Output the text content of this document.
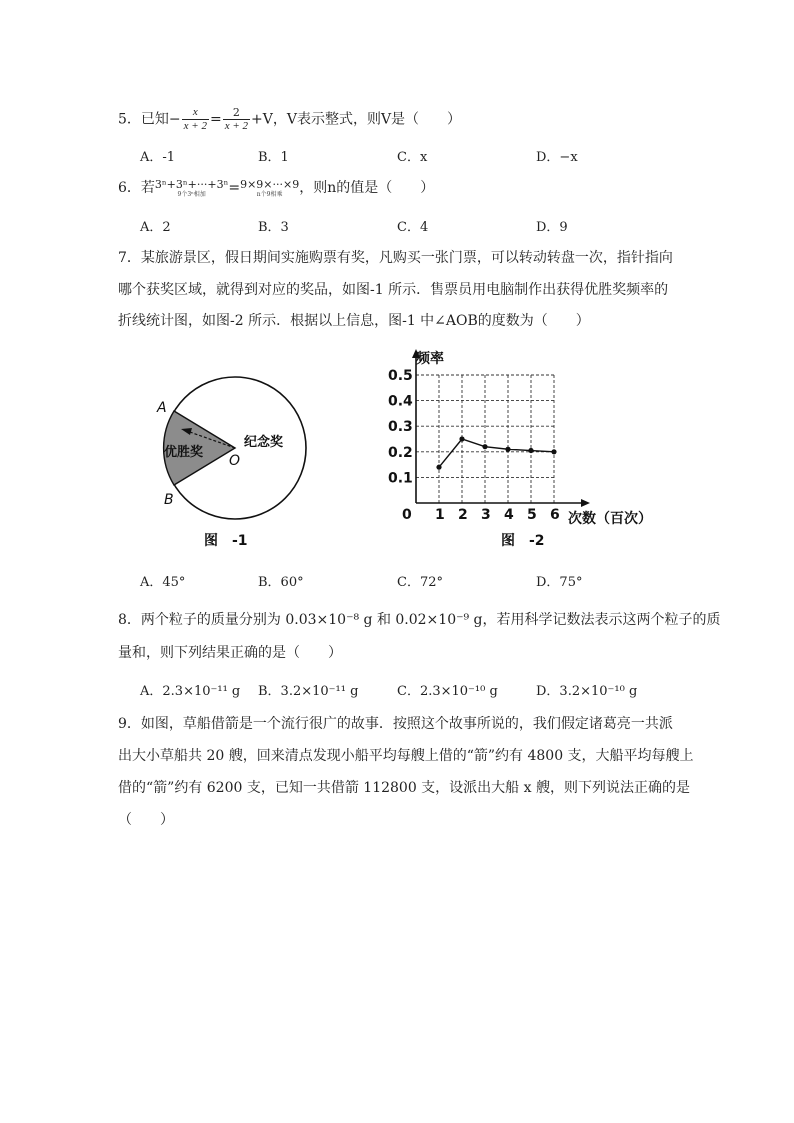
5．已知− $\frac{x}{x + 2} = \frac{2}{x + 2} +V$，V表示整式，则V是（　　）
A．-1	B．1	C．x	D．−x
6．若 3ⁿ+3ⁿ+···+3ⁿ
9个3ⁿ相加	= 9×9×···×9
n个9相乘	，则n的值是（　　）
A．2	B．3	C．4	D．9
7．某旅游景区，假日期间实施购票有奖，凡购买一张门票，可以转动转盘一次，指针指向
哪个获奖区域，就得到对应的奖品，如图-1 所示．售票员用电脑制作出获得优胜奖频率的
折线统计图，如图-2 所示．根据以上信息，图-1 中∠AOB的度数为（　　）
优胜奖
纪念奖
A
B
O
图　-1
0.1
0.2
0.3
0.4
0.5
1 2 3 4 5 6
频率
次数（百次）
0
图　-2
A．45°	B．60°	C．72°	D．75°
8．两个粒子的质量分别为 0.03×10⁻⁸ g 和 0.02×10⁻⁹ g，若用科学记数法表示这两个粒子的质
量和，则下列结果正确的是（　　）
A．2.3×10⁻¹¹ g B．3.2×10⁻¹¹ g	C．2.3×10⁻¹⁰ g	D．3.2×10⁻¹⁰ g
9．如图，草船借箭是一个流行很广的故事．按照这个故事所说的，我们假定诸葛亮一共派
出大小草船共 20 艘，回来清点发现小船平均每艘上借的“箭”约有 4800 支，大船平均每艘上
借的“箭”约有 6200 支，已知一共借箭 112800 支，设派出大船 x 艘，则下列说法正确的是
（　　）
